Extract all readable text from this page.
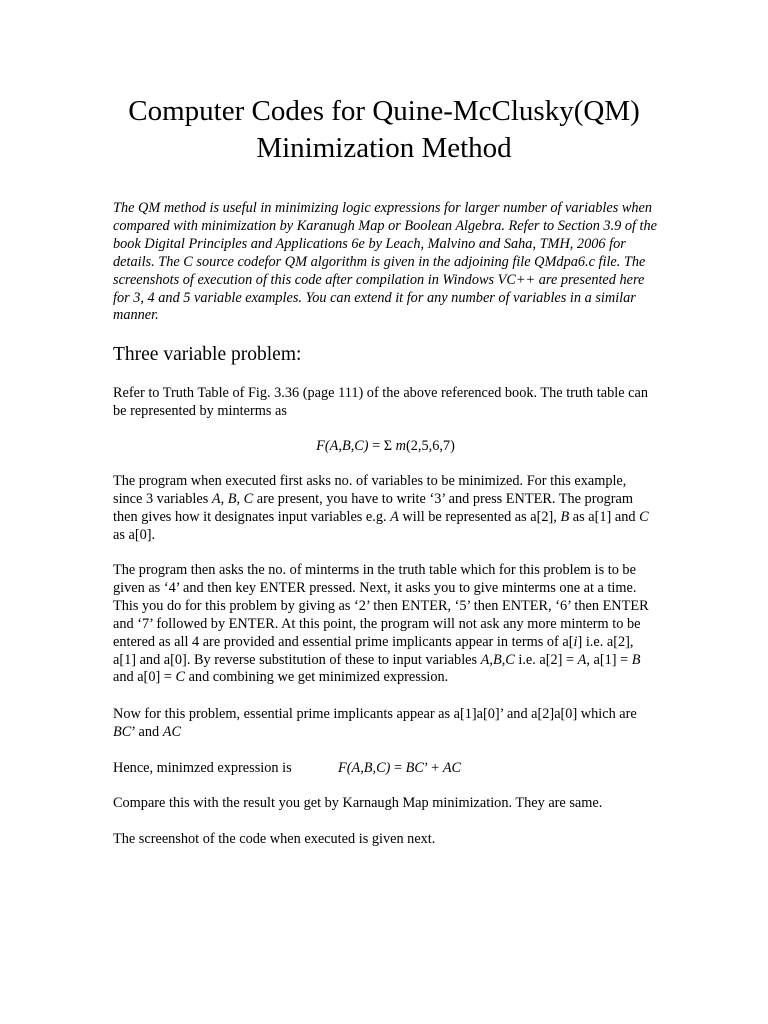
Computer Codes for Quine-McClusky(QM) Minimization Method

The QM method is useful in minimizing logic expressions for larger number of variables when compared with minimization by Karanugh Map or Boolean Algebra. Refer to Section 3.9 of the book Digital Principles and Applications 6e by Leach, Malvino and Saha, TMH, 2006 for details. The C source codefor QM algorithm is given in the adjoining file QMdpa6.c file. The screenshots of execution of this code after compilation in Windows VC++ are presented here for 3, 4 and 5 variable examples. You can extend it for any number of variables in a similar manner.

Three variable problem:

Refer to Truth Table of Fig. 3.36 (page 111) of the above referenced book. The truth table can be represented by minterms as

F(A,B,C) = Σ m(2,5,6,7)

The program when executed first asks no. of variables to be minimized. For this example, since 3 variables A, B, C are present, you have to write ‘3’ and press ENTER. The program then gives how it designates input variables e.g. A will be represented as a[2], B as a[1] and C as a[0].

The program then asks the no. of minterms in the truth table which for this problem is to be given as ‘4’ and then key ENTER pressed. Next, it asks you to give minterms one at a time. This you do for this problem by giving as ‘2’ then ENTER, ‘5’ then ENTER, ‘6’ then ENTER and ‘7’ followed by ENTER. At this point, the program will not ask any more minterm to be entered as all 4 are provided and essential prime implicants appear in terms of a[i] i.e. a[2], a[1] and a[0]. By reverse substitution of these to input variables A,B,C i.e. a[2] = A, a[1] = B and a[0] = C and combining we get minimized expression.

Now for this problem, essential prime implicants appear as a[1]a[0]’ and a[2]a[0] which are BC’ and AC

Hence, minimzed expression is	F(A,B,C) = BC’ + AC

Compare this with the result you get by Karnaugh Map minimization. They are same.

The screenshot of the code when executed is given next.
